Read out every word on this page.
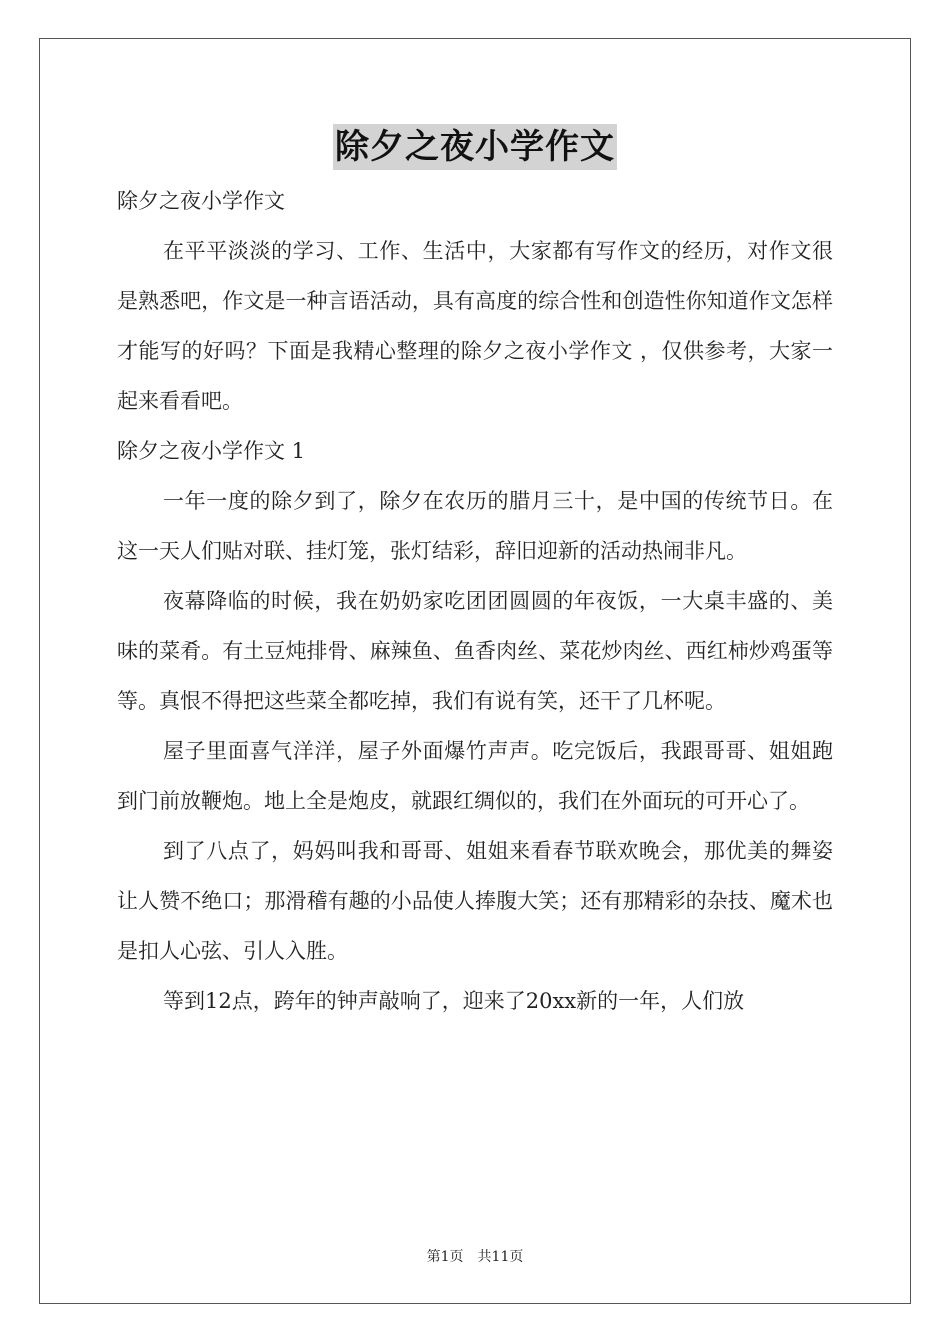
除夕之夜小学作文

除夕之夜小学作文

在平平淡淡的学习、工作、生活中，大家都有写作文的经历，对作文很是熟悉吧，作文是一种言语活动，具有高度的综合性和创造性你知道作文怎样才能写的好吗？下面是我精心整理的除夕之夜小学作文 ，仅供参考，大家一起来看看吧。

除夕之夜小学作文 1

一年一度的除夕到了，除夕在农历的腊月三十，是中国的传统节日。在这一天人们贴对联、挂灯笼，张灯结彩，辞旧迎新的活动热闹非凡。

夜幕降临的时候，我在奶奶家吃团团圆圆的年夜饭，一大桌丰盛的、美味的菜肴。有土豆炖排骨、麻辣鱼、鱼香肉丝、菜花炒肉丝、西红柿炒鸡蛋等等。真恨不得把这些菜全都吃掉，我们有说有笑，还干了几杯呢。

屋子里面喜气洋洋，屋子外面爆竹声声。吃完饭后，我跟哥哥、姐姐跑到门前放鞭炮。地上全是炮皮，就跟红绸似的，我们在外面玩的可开心了。

到了八点了，妈妈叫我和哥哥、姐姐来看春节联欢晚会，那优美的舞姿让人赞不绝口；那滑稽有趣的小品使人捧腹大笑；还有那精彩的杂技、魔术也是扣人心弦、引人入胜。

等到12点，跨年的钟声敲响了，迎来了20xx新的一年，人们放

第1页 共11页
